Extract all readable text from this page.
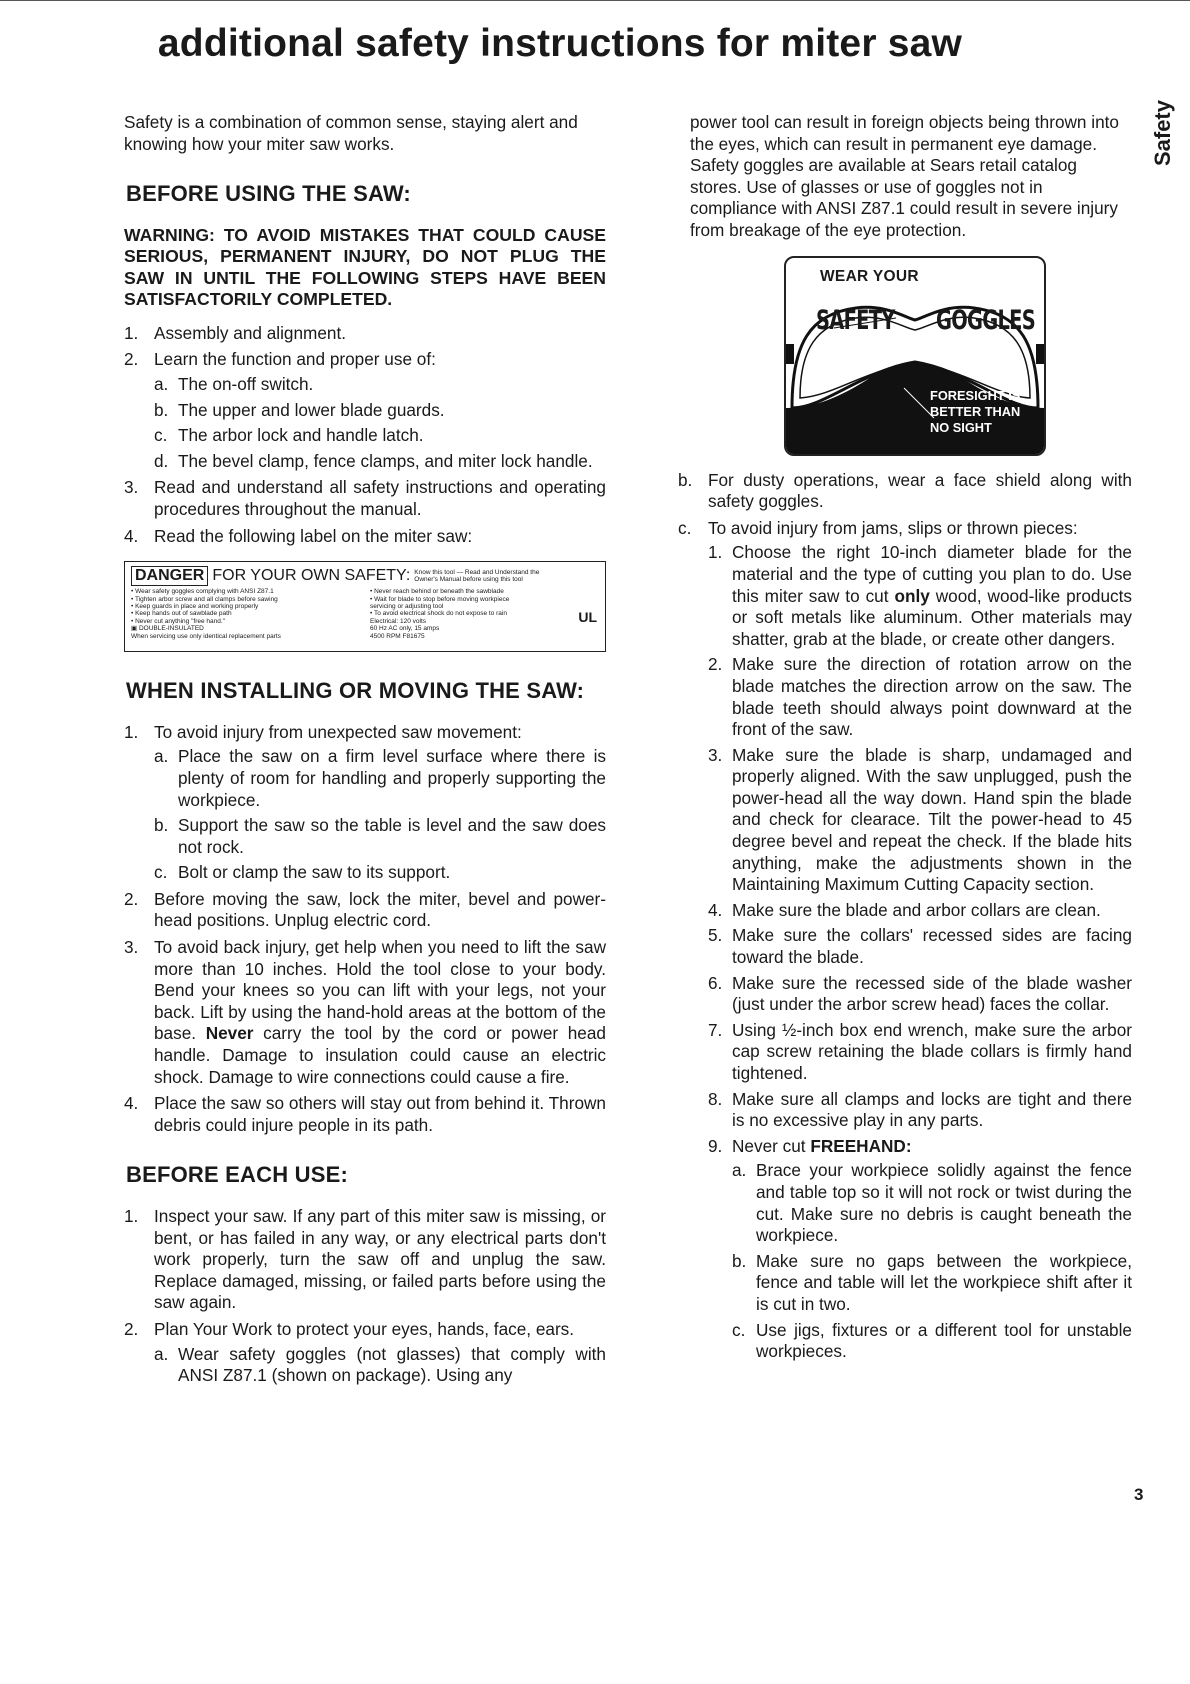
additional safety instructions for miter saw
Safety

Safety is a combination of common sense, staying alert and knowing how your miter saw works.

BEFORE USING THE SAW:
WARNING: TO AVOID MISTAKES THAT COULD CAUSE SERIOUS, PERMANENT INJURY, DO NOT PLUG THE SAW IN UNTIL THE FOLLOWING STEPS HAVE BEEN SATISFACTORILY COMPLETED.
1. Assembly and alignment.
2. Learn the function and proper use of:
a. The on-off switch.
b. The upper and lower blade guards.
c. The arbor lock and handle latch.
d. The bevel clamp, fence clamps, and miter lock handle.
3. Read and understand all safety instructions and operating procedures throughout the manual.
4. Read the following label on the miter saw:
DANGER FOR YOUR OWN SAFETY: Know this tool — Read and Understand the Owner's Manual before using this tool
• Wear safety goggles complying with ANSI Z87.1
• Tighten arbor screw and all clamps before sawing
• Keep guards in place and working properly
• Keep hands out of sawblade path
• Never cut anything "free hand."
▣ DOUBLE-INSULATED
When servicing use only identical replacement parts
• Never reach behind or beneath the sawblade
• Wait for blade to stop before moving workpiece
servicing or adjusting tool
• To avoid electrical shock do not expose to rain
Electrical: 120 volts
60 Hz AC only, 15 amps
4500 RPM F81675
UL
WHEN INSTALLING OR MOVING THE SAW:
1. To avoid injury from unexpected saw movement:
a. Place the saw on a firm level surface where there is plenty of room for handling and properly supporting the workpiece.
b. Support the saw so the table is level and the saw does not rock.
c. Bolt or clamp the saw to its support.
2. Before moving the saw, lock the miter, bevel and power-head positions. Unplug electric cord.
3. To avoid back injury, get help when you need to lift the saw more than 10 inches. Hold the tool close to your body. Bend your knees so you can lift with your legs, not your back. Lift by using the hand-hold areas at the bottom of the base. Never carry the tool by the cord or power head handle. Damage to insulation could cause an electric shock. Damage to wire connections could cause a fire.
4. Place the saw so others will stay out from behind it. Thrown debris could injure people in its path.
BEFORE EACH USE:
1. Inspect your saw. If any part of this miter saw is missing, or bent, or has failed in any way, or any electrical parts don't work properly, turn the saw off and unplug the saw. Replace damaged, missing, or failed parts before using the saw again.
2. Plan Your Work to protect your eyes, hands, face, ears.
a. Wear safety goggles (not glasses) that comply with ANSI Z87.1 (shown on package). Using any

power tool can result in foreign objects being thrown into the eyes, which can result in permanent eye damage. Safety goggles are available at Sears retail catalog stores. Use of glasses or use of goggles not in compliance with ANSI Z87.1 could result in severe injury from breakage of the eye protection.

WEAR YOUR
SAFETY GOGGLES
FORESIGHT IS
BETTER THAN
NO SIGHT
b. For dusty operations, wear a face shield along with safety goggles.
c. To avoid injury from jams, slips or thrown pieces:
1. Choose the right 10-inch diameter blade for the material and the type of cutting you plan to do. Use this miter saw to cut only wood, wood-like products or soft metals like aluminum. Other materials may shatter, grab at the blade, or create other dangers.
2. Make sure the direction of rotation arrow on the blade matches the direction arrow on the saw. The blade teeth should always point downward at the front of the saw.
3. Make sure the blade is sharp, undamaged and properly aligned. With the saw unplugged, push the power-head all the way down. Hand spin the blade and check for clearace. Tilt the power-head to 45 degree bevel and repeat the check. If the blade hits anything, make the adjustments shown in the Maintaining Maximum Cutting Capacity section.
4. Make sure the blade and arbor collars are clean.
5. Make sure the collars' recessed sides are facing toward the blade.
6. Make sure the recessed side of the blade washer (just under the arbor screw head) faces the collar.
7. Using ½-inch box end wrench, make sure the arbor cap screw retaining the blade collars is firmly hand tightened.
8. Make sure all clamps and locks are tight and there is no excessive play in any parts.
9. Never cut FREEHAND:
a. Brace your workpiece solidly against the fence and table top so it will not rock or twist during the cut. Make sure no debris is caught beneath the workpiece.
b. Make sure no gaps between the workpiece, fence and table will let the workpiece shift after it is cut in two.
c. Use jigs, fixtures or a different tool for unstable workpieces.
3
